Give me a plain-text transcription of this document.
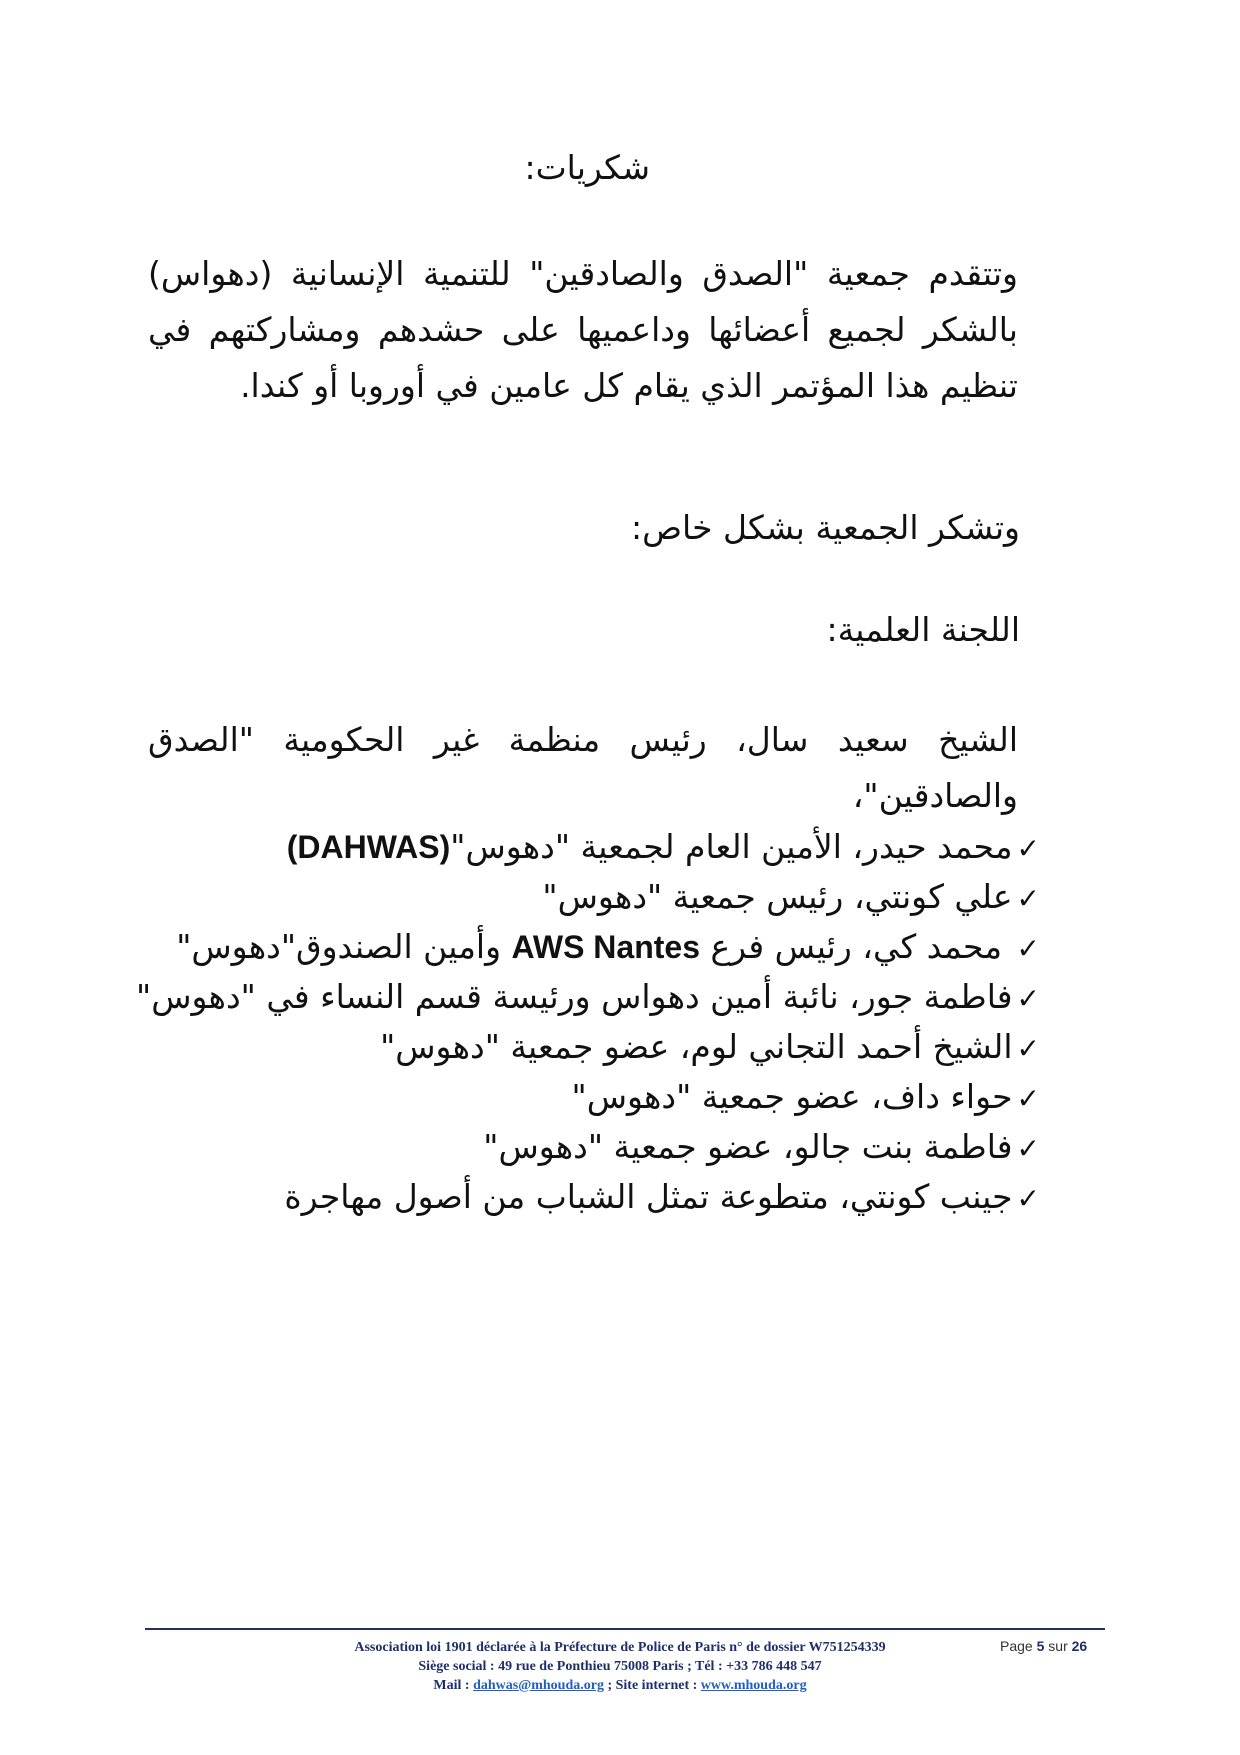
شكريات:
وتتقدم جمعية "الصدق والصادقين" للتنمية الإنسانية (دهواس) بالشكر لجميع أعضائها وداعميها على حشدهم ومشاركتهم في تنظيم هذا المؤتمر الذي يقام كل عامين في أوروبا أو كندا.
وتشكر الجمعية بشكل خاص:
اللجنة العلمية:
الشيخ سعيد سال، رئيس منظمة غير الحكومية "الصدق والصادقين"،
✓محمد حيدر، الأمين العام لجمعية "دهوس"(DAHWAS)
✓علي كونتي، رئيس جمعية "دهوس"
✓ محمد كي، رئيس فرع AWS Nantes وأمين الصندوق"دهوس"
✓فاطمة جور، نائبة أمين دهواس ورئيسة قسم النساء في "دهوس"
✓الشيخ أحمد التجاني لوم، عضو جمعية "دهوس"
✓حواء داف، عضو جمعية "دهوس"
✓فاطمة بنت جالو، عضو جمعية "دهوس"
✓جينب كونتي، متطوعة تمثل الشباب من أصول مهاجرة
Association loi 1901 déclarée à la Préfecture de Police de Paris n° de dossier W751254339
Siège social : 49 rue de Ponthieu 75008 Paris ; Tél : +33 786 448 547
Mail : dahwas@mhouda.org ; Site internet : www.mhouda.org
Page 5 sur 26
